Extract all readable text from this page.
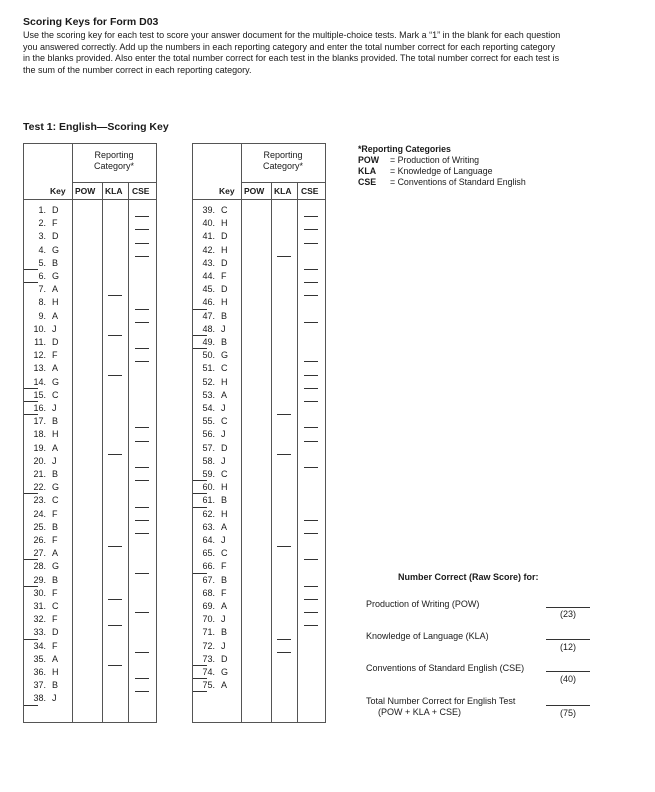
Scoring Keys for Form D03
Use the scoring key for each test to score your answer document for the multiple-choice tests. Mark a “1” in the blank for each question you answered correctly. Add up the numbers in each reporting category and enter the total number correct for each reporting category in the blanks provided. Also enter the total number correct for each test in the blanks provided. The total number correct for each test is the sum of the number correct in each reporting category.
Test 1: English—Scoring Key
Reporting
Category*
Key POW KLA CSE
1. D
2. F
3. D
4. G
5. B
6. G
7. A
8. H
9. A
10. J
11. D
12. F
13. A
14. G
15. C
16. J
17. B
18. H
19. A
20. J
21. B
22. G
23. C
24. F
25. B
26. F
27. A
28. G
29. B
30. F
31. C
32. F
33. D
34. F
35. A
36. H
37. B
38. J
Reporting
Category*
Key POW KLA CSE
39. C
40. H
41. D
42. H
43. D
44. F
45. D
46. H
47. B
48. J
49. B
50. G
51. C
52. H
53. A
54. J
55. C
56. J
57. D
58. J
59. C
60. H
61. B
62. H
63. A
64. J
65. C
66. F
67. B
68. F
69. A
70. J
71. B
72. J
73. D
74. G
75. A
*Reporting Categories
POW = Production of Writing
KLA = Knowledge of Language
CSE = Conventions of Standard English
Number Correct (Raw Score) for:
Production of Writing (POW)
(23)
Knowledge of Language (KLA)
(12)
Conventions of Standard English (CSE)
(40)
Total Number Correct for English Test
(POW + KLA + CSE)	(75)
